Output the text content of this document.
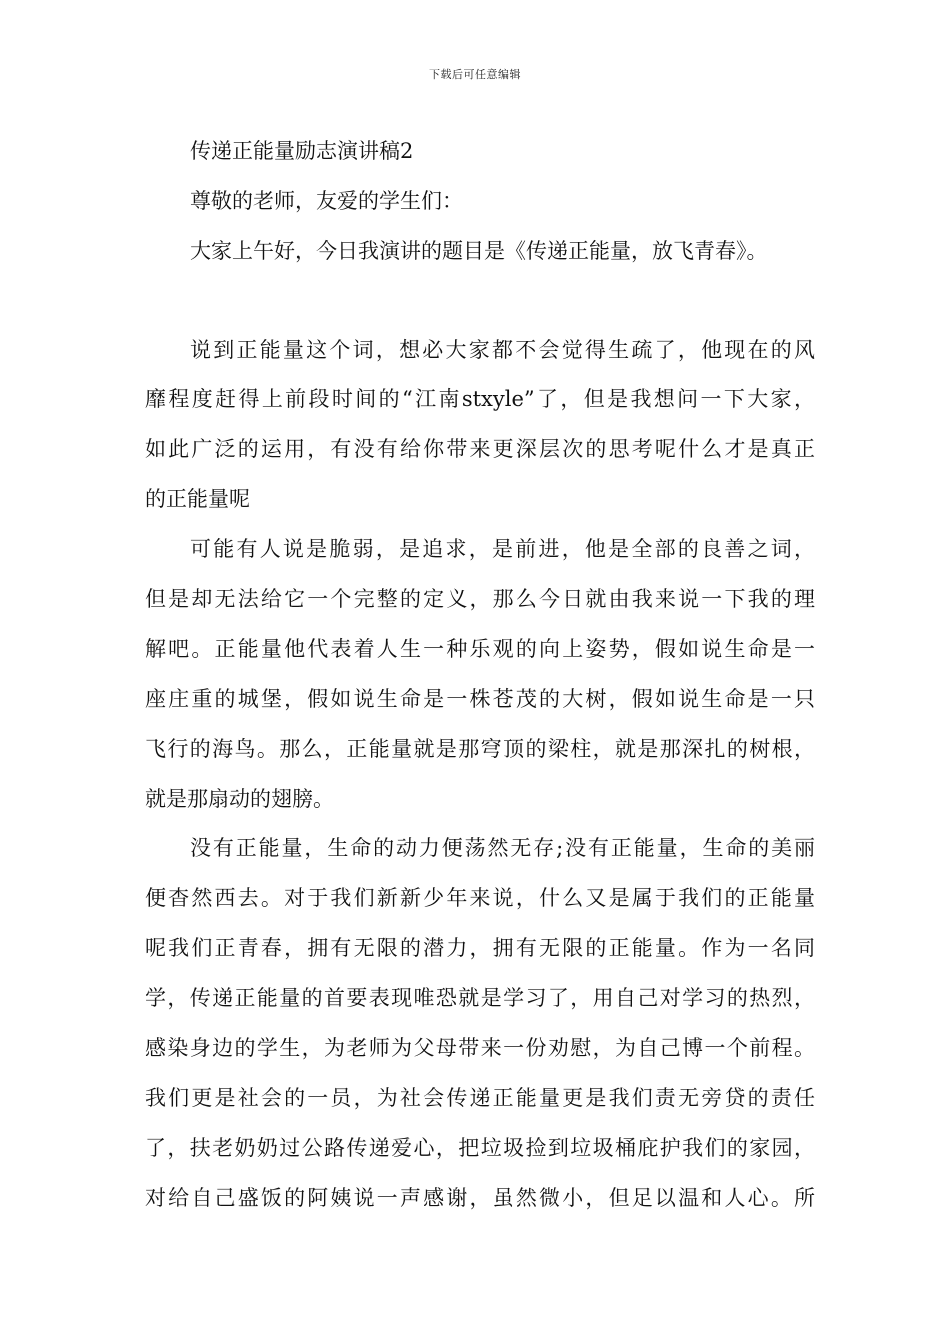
下载后可任意编辑
传递正能量励志演讲稿2
尊敬的老师，友爱的学生们：
大家上午好，今日我演讲的题目是《传递正能量，放飞青春》。
说到正能量这个词，想必大家都不会觉得生疏了，他现在的风
靡程度赶得上前段时间的“江南stxyle”了，但是我想问一下大家，
如此广泛的运用，有没有给你带来更深层次的思考呢什么才是真正
的正能量呢
可能有人说是脆弱，是追求，是前进，他是全部的良善之词，
但是却无法给它一个完整的定义，那么今日就由我来说一下我的理
解吧。正能量他代表着人生一种乐观的向上姿势，假如说生命是一
座庄重的城堡，假如说生命是一株苍茂的大树，假如说生命是一只
飞行的海鸟。那么，正能量就是那穹顶的梁柱，就是那深扎的树根，
就是那扇动的翅膀。
没有正能量，生命的动力便荡然无存;没有正能量，生命的美丽
便杳然西去。对于我们新新少年来说，什么又是属于我们的正能量
呢我们正青春，拥有无限的潜力，拥有无限的正能量。作为一名同
学，传递正能量的首要表现唯恐就是学习了，用自己对学习的热烈，
感染身边的学生，为老师为父母带来一份劝慰，为自己博一个前程。
我们更是社会的一员，为社会传递正能量更是我们责无旁贷的责任
了，扶老奶奶过公路传递爱心，把垃圾捡到垃圾桶庇护我们的家园，
对给自己盛饭的阿姨说一声感谢，虽然微小，但足以温和人心。所
